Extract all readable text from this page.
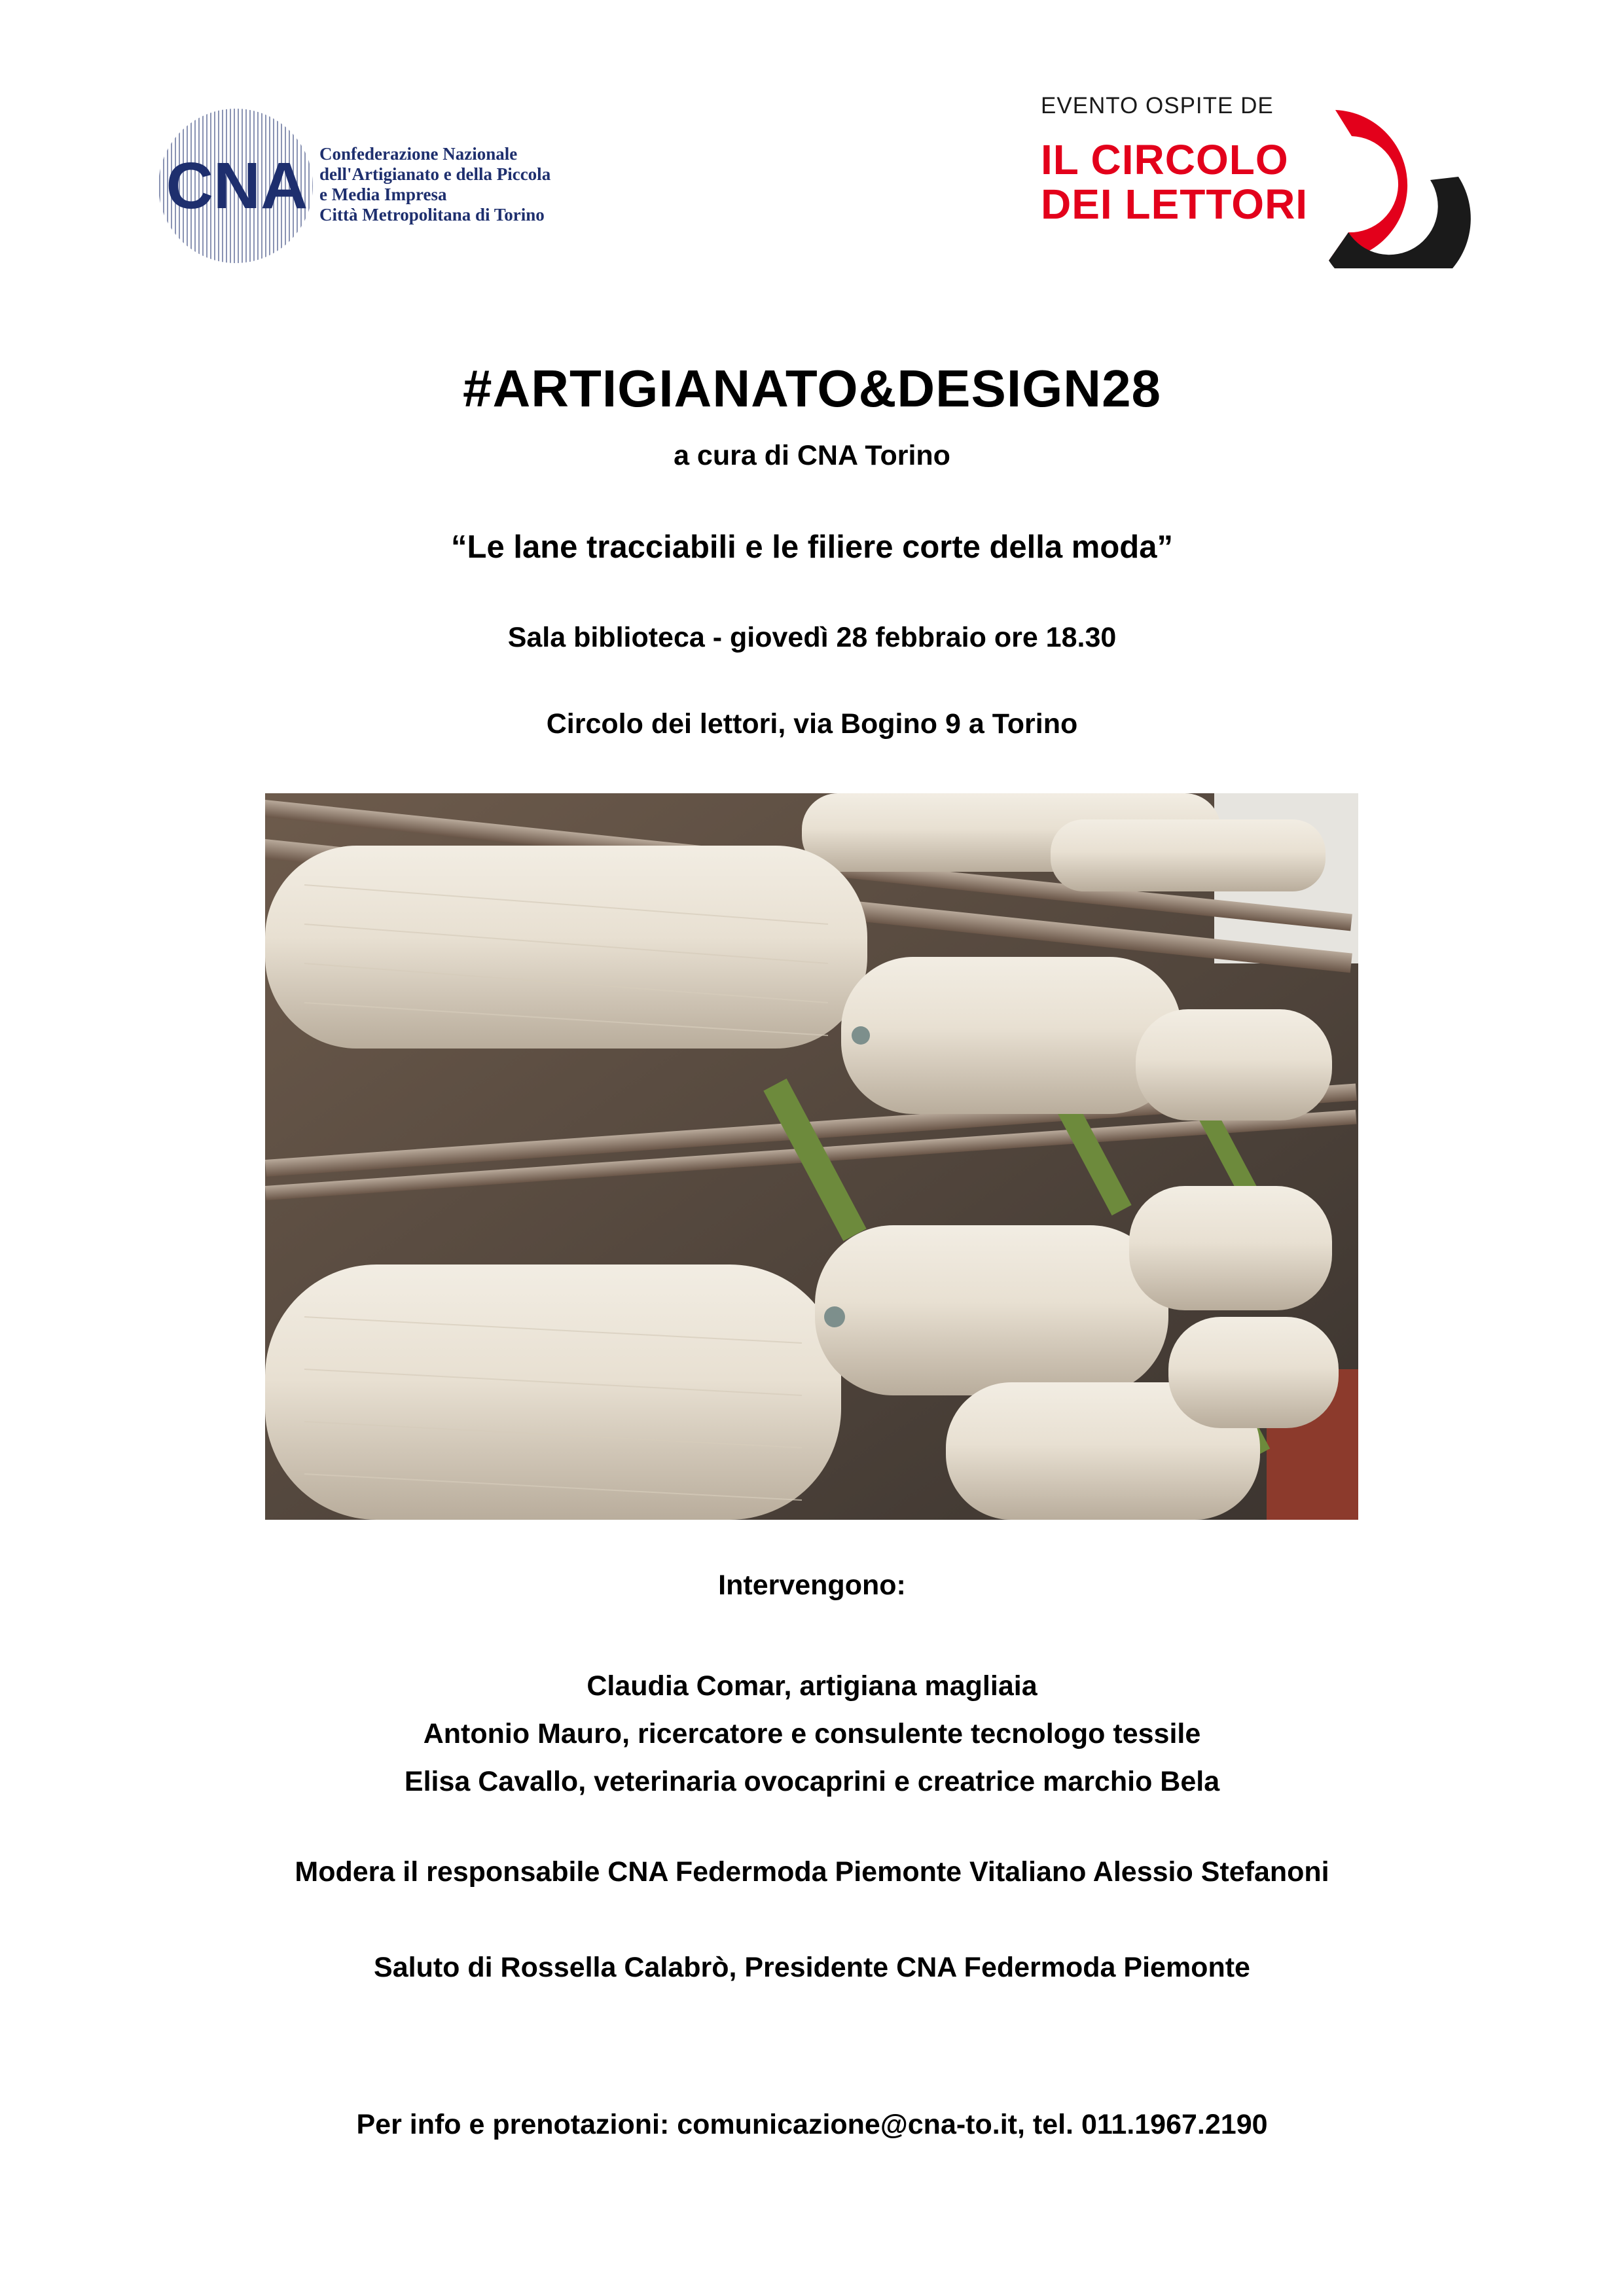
CNA Confederazione Nazionale
dell'Artigianato e della Piccola
e Media Impresa
Città Metropolitana di Torino
EVENTO OSPITE DE
IL CIRCOLO
DEI LETTORI
#ARTIGIANATO&DESIGN28
a cura di CNA Torino
“Le lane tracciabili e le filiere corte della moda”
Sala biblioteca - giovedì 28 febbraio ore 18.30
Circolo dei lettori, via Bogino 9 a Torino
Intervengono:
Claudia Comar, artigiana magliaia
Antonio Mauro, ricercatore e consulente tecnologo tessile
Elisa Cavallo, veterinaria ovocaprini e creatrice marchio Bela
Modera il responsabile CNA Federmoda Piemonte Vitaliano Alessio Stefanoni
Saluto di Rossella Calabrò, Presidente CNA Federmoda Piemonte
Per info e prenotazioni: comunicazione@cna-to.it, tel. 011.1967.2190
